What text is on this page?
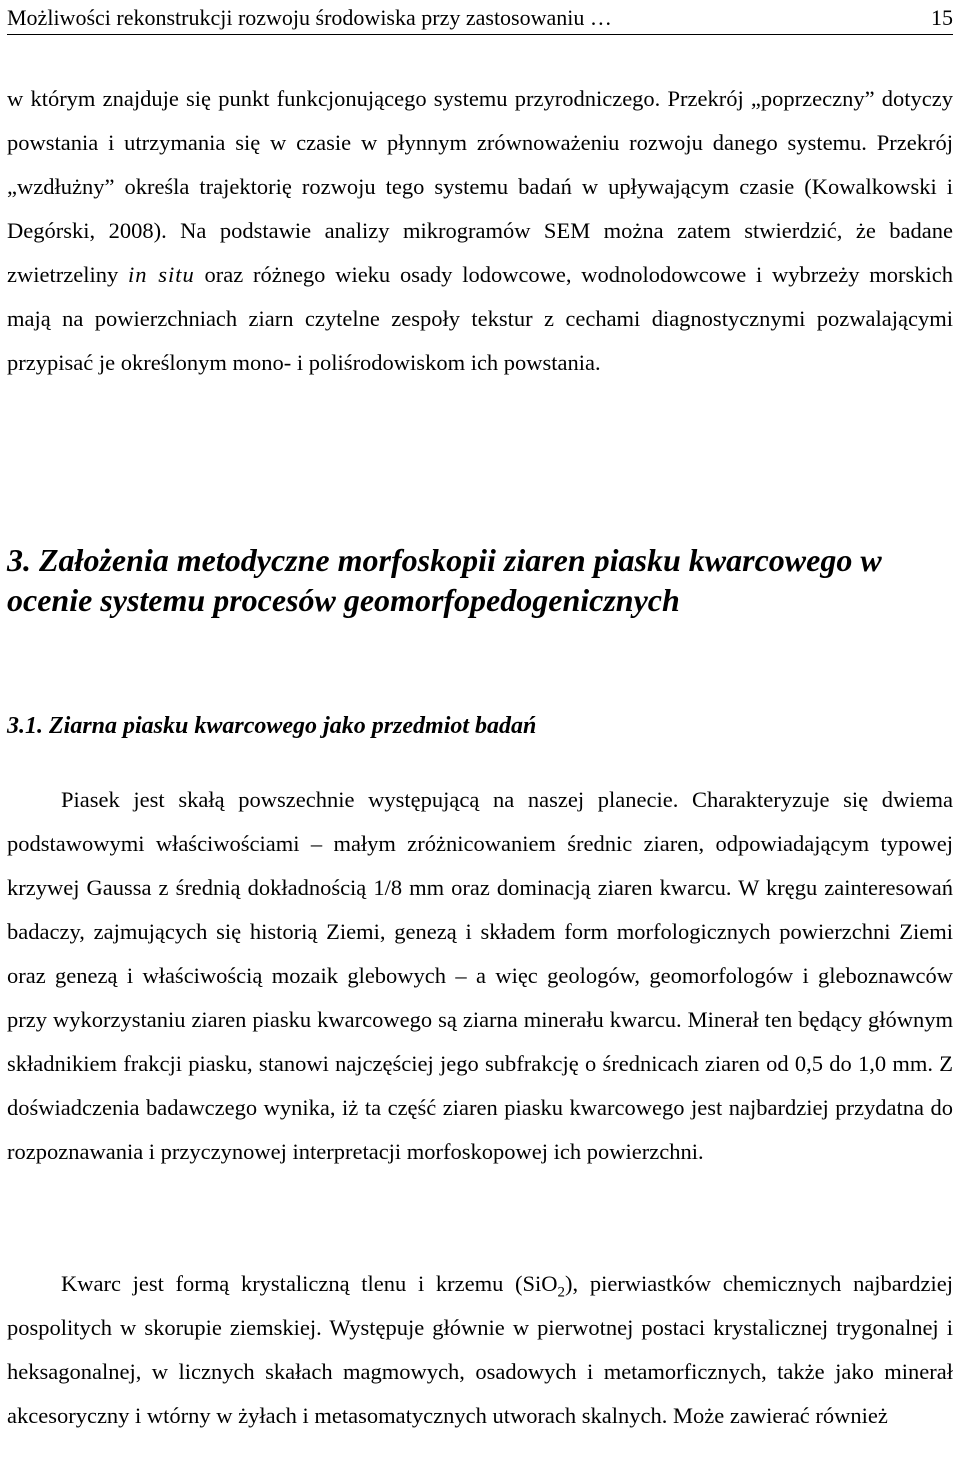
Możliwości rekonstrukcji rozwoju środowiska przy zastosowaniu …	15

w którym znajduje się punkt funkcjonującego systemu przyrodniczego. Przekrój „poprzeczny” dotyczy powstania i utrzymania się w czasie w płynnym zrównoważeniu rozwoju danego systemu. Przekrój „wzdłużny” określa trajektorię rozwoju tego systemu badań w upływającym czasie (Kowalkowski i Degórski, 2008). Na podstawie analizy mikrogramów SEM można zatem stwierdzić, że badane zwietrzeliny in situ oraz różnego wieku osady lodowcowe, wodnolodowcowe i wybrzeży morskich mają na powierzchniach ziarn czytelne zespoły tekstur z cechami diagnostycznymi pozwalającymi przypisać je określonym mono- i poliśrodowiskom ich powstania.

3. Założenia metodyczne morfoskopii ziaren piasku kwarcowego w ocenie systemu procesów geomorfopedogenicznych
3.1. Ziarna piasku kwarcowego jako przedmiot badań

Piasek jest skałą powszechnie występującą na naszej planecie. Charakteryzuje się dwiema podstawowymi właściwościami – małym zróżnicowaniem średnic ziaren, odpowiadającym typowej krzywej Gaussa z średnią dokładnością 1/8 mm oraz dominacją ziaren kwarcu. W kręgu zainteresowań badaczy, zajmujących się historią Ziemi, genezą i składem form morfologicznych powierzchni Ziemi oraz genezą i właściwością mozaik glebowych – a więc geologów, geomorfologów i gleboznawców przy wykorzystaniu ziaren piasku kwarcowego są ziarna minerału kwarcu. Minerał ten będący głównym składnikiem frakcji piasku, stanowi najczęściej jego subfrakcję o średnicach ziaren od 0,5 do 1,0 mm. Z doświadczenia badawczego wynika, iż ta część ziaren piasku kwarcowego jest najbardziej przydatna do rozpoznawania i przyczynowej interpretacji morfoskopowej ich powierzchni.

Kwarc jest formą krystaliczną tlenu i krzemu (SiO$_2$), pierwiastków chemicznych najbardziej pospolitych w skorupie ziemskiej. Występuje głównie w pierwotnej postaci krystalicznej trygonalnej i heksagonalnej, w licznych skałach magmowych, osadowych i metamorficznych, także jako minerał akcesoryczny i wtórny w żyłach i metasomatycznych utworach skalnych. Może zawierać również
